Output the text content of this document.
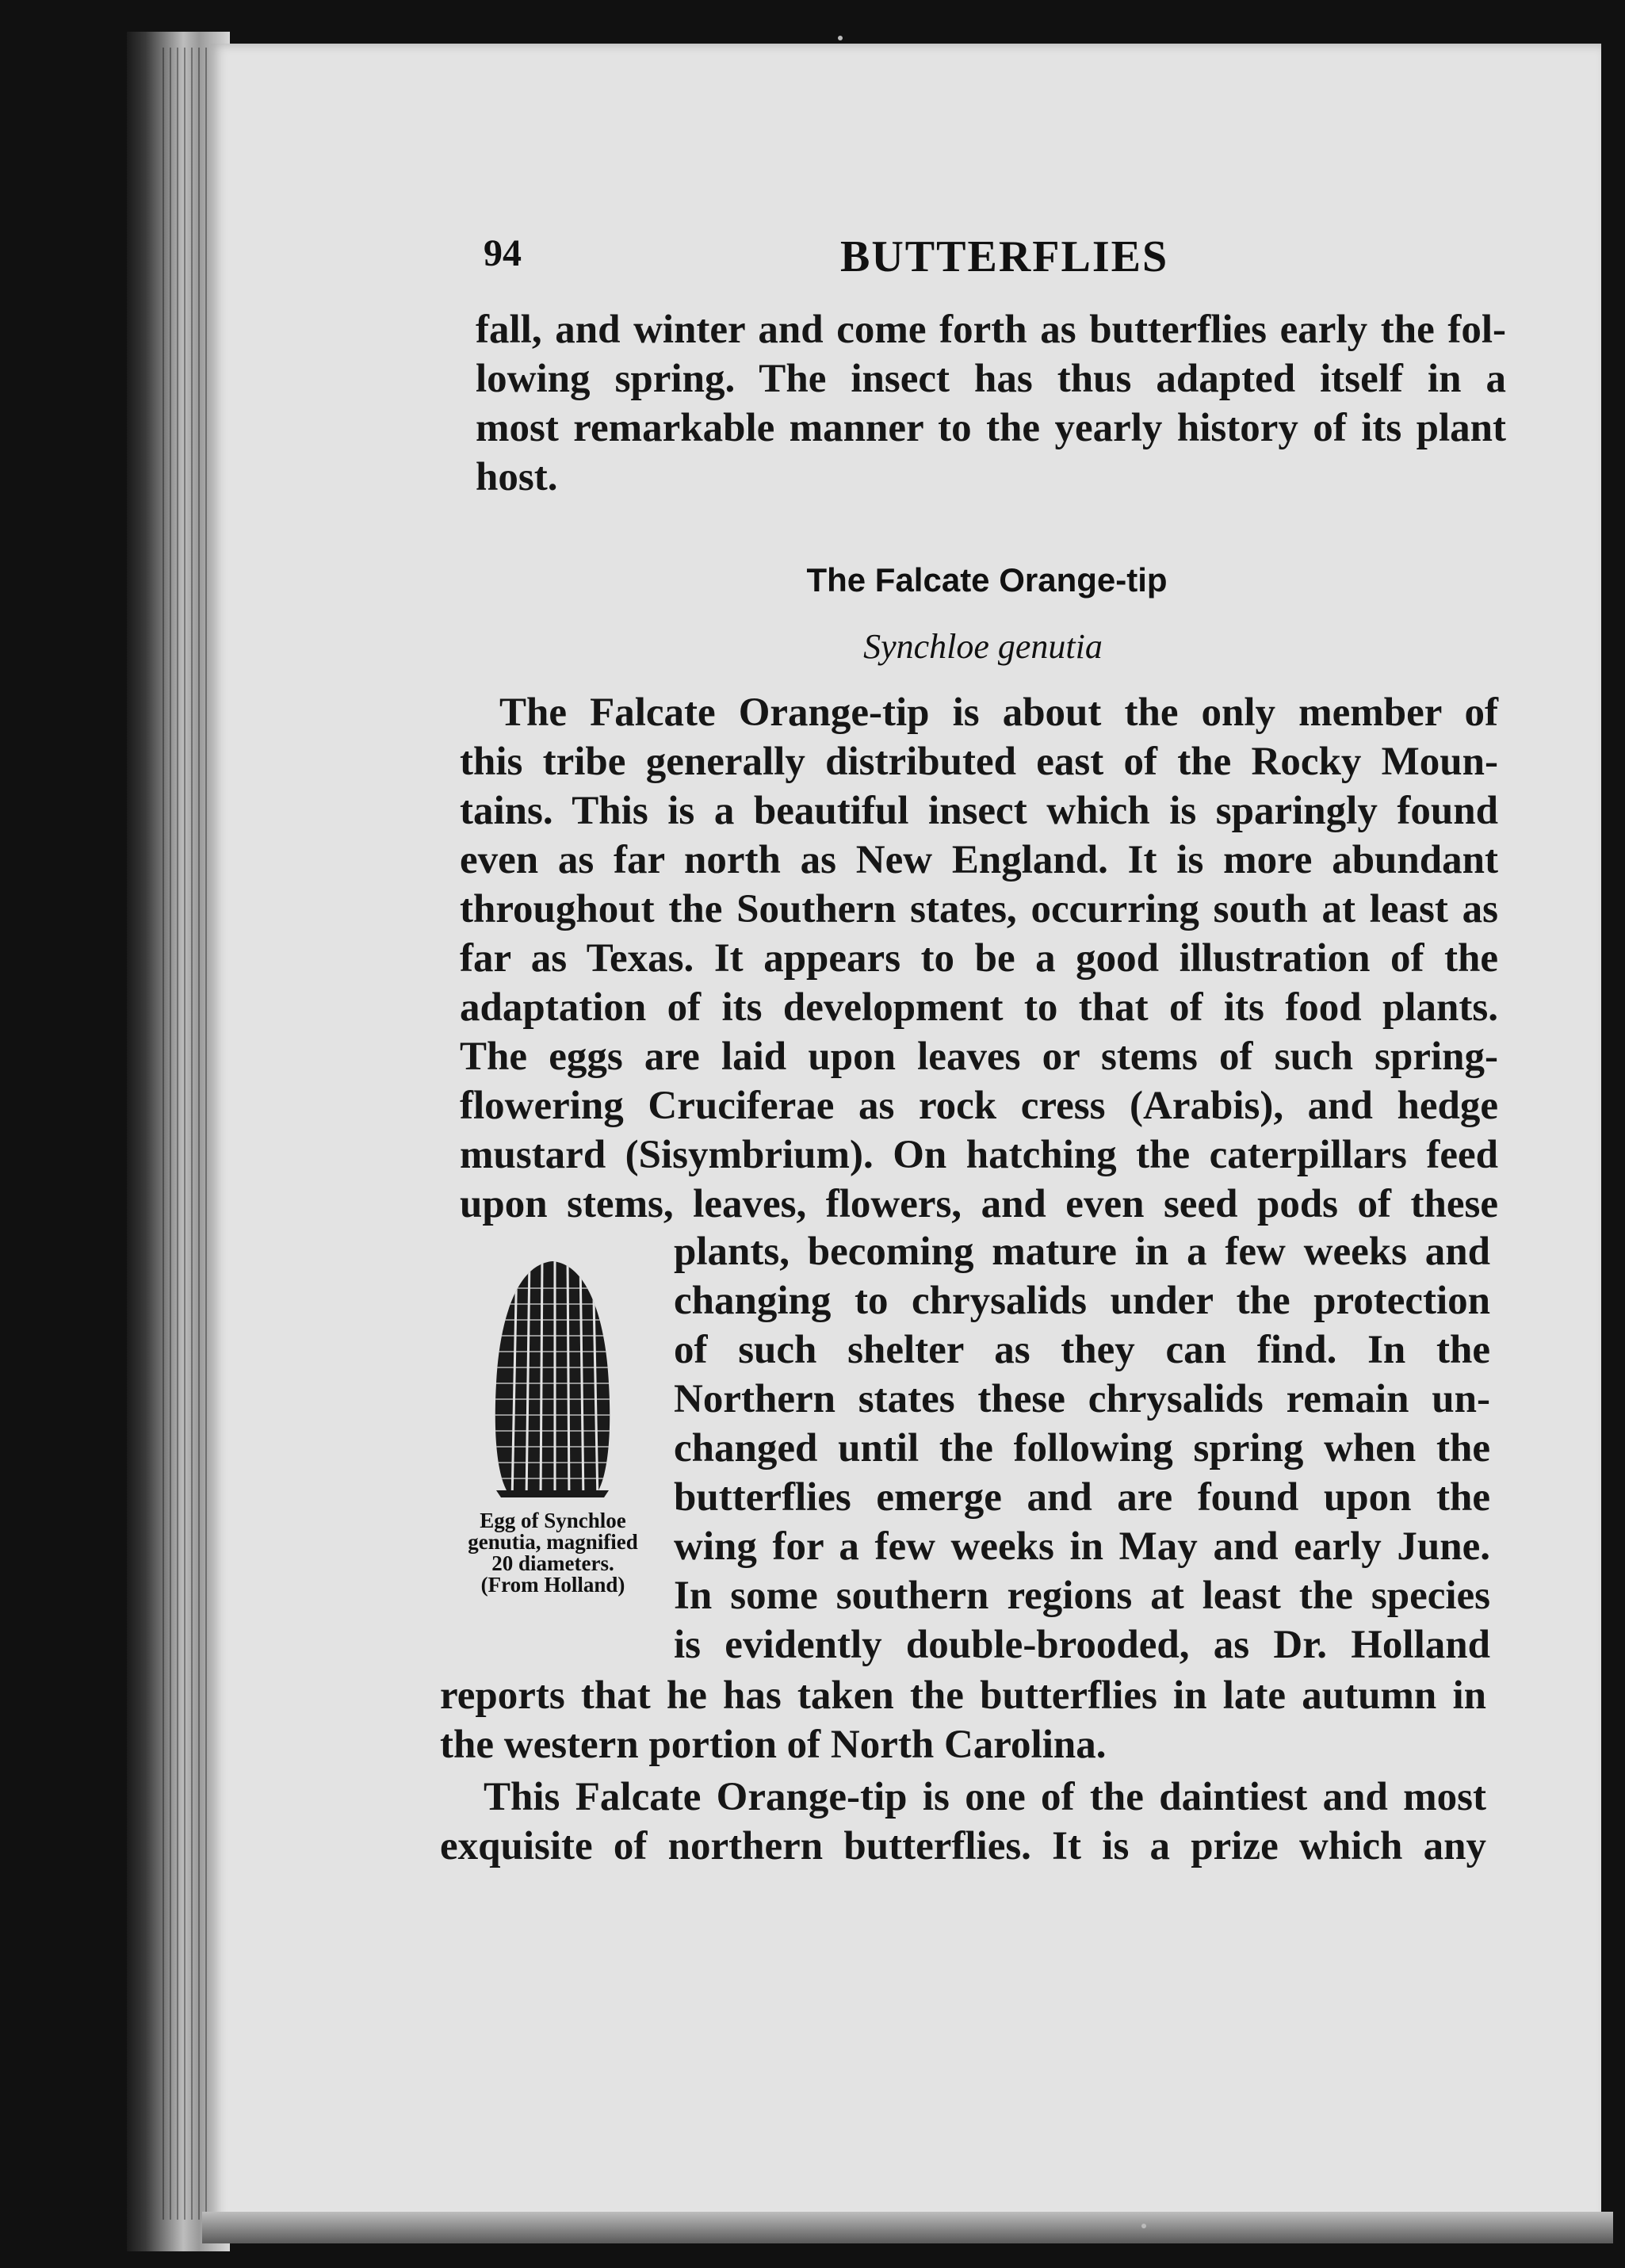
94	BUTTERFLIES
fall, and winter and come forth as butterflies early the fol-
lowing spring. The insect has thus adapted itself in a
most remarkable manner to the yearly history of its plant
host.
The Falcate Orange-tip
Synchloe genutia
The Falcate Orange-tip is about the only member of
this tribe generally distributed east of the Rocky Moun-
tains. This is a beautiful insect which is sparingly found
even as far north as New England. It is more abundant
throughout the Southern states, occurring south at least as
far as Texas. It appears to be a good illustration of the
adaptation of its development to that of its food plants.
The eggs are laid upon leaves or stems of such spring-
flowering Cruciferae as rock cress (Arabis), and hedge
mustard (Sisymbrium). On hatching the caterpillars feed
upon stems, leaves, flowers, and even seed pods of these
Egg of Synchloe
genutia, magnified
20 diameters.
(From Holland)
plants, becoming mature in a few weeks and
changing to chrysalids under the protection
of such shelter as they can find. In the
Northern states these chrysalids remain un-
changed until the following spring when the
butterflies emerge and are found upon the
wing for a few weeks in May and early June.
In some southern regions at least the species
is evidently double-brooded, as Dr. Holland
reports that he has taken the butterflies in late autumn in
the western portion of North Carolina.
This Falcate Orange-tip is one of the daintiest and most
exquisite of northern butterflies. It is a prize which any
